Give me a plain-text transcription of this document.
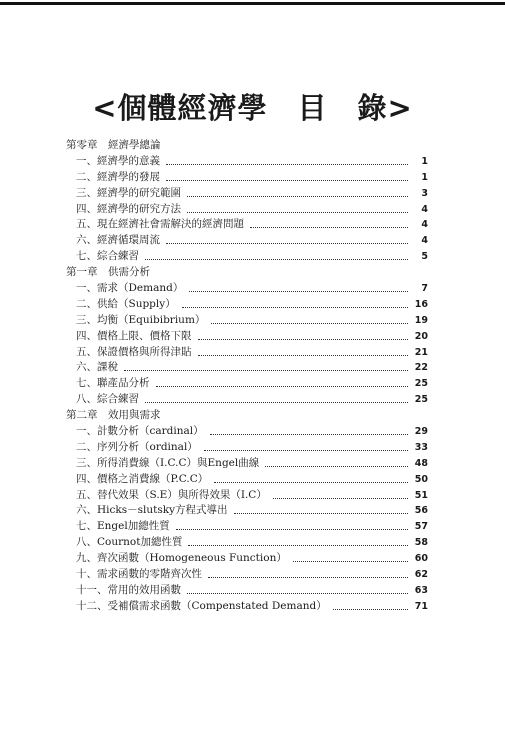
<個體經濟學　目　錄>
第零章　經濟學總論
一、經濟學的意義	1
二、經濟學的發展	1
三、經濟學的研究範圍	3
四、經濟學的研究方法	4
五、現在經濟社會需解決的經濟問題	4
六、經濟循環周流	4
七、綜合練習	5
第一章　供需分析
一、需求（Demand）	7
二、供給（Supply）	16
三、均衡（Equibibrium）	19
四、價格上限、價格下限	20
五、保證價格與所得津貼	21
六、課稅	22
七、聯產品分析	25
八、綜合練習	25
第二章　效用與需求
一、計數分析（cardinal）	29
二、序列分析（ordinal）	33
三、所得消費線（I.C.C）與Engel曲線	48
四、價格之消費線（P.C.C）	50
五、替代效果（S.E）與所得效果（I.C）	51
六、Hicks－slutsky方程式導出	56
七、Engel加總性質	57
八、Cournot加總性質	58
九、齊次函數（Homogeneous Function）	60
十、需求函數的零階齊次性	62
十一、常用的效用函數	63
十二、受補償需求函數（Compenstated Demand）	71
